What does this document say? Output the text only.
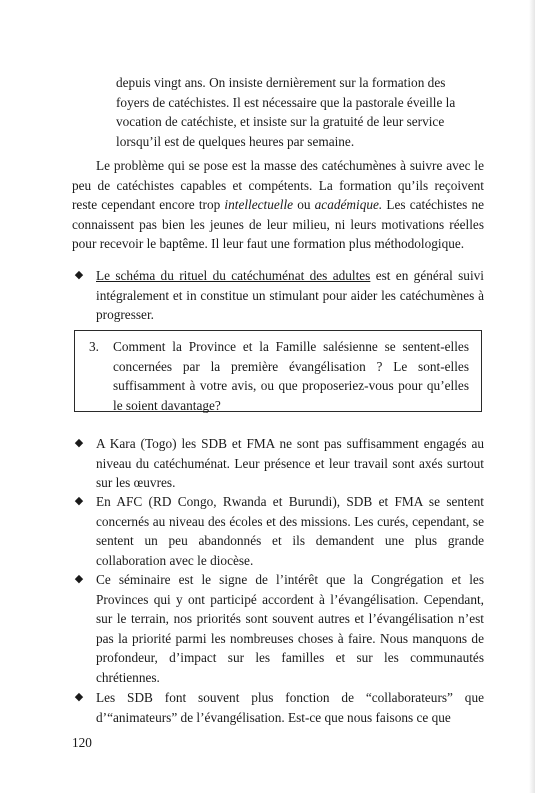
depuis vingt ans. On insiste dernièrement sur la formation des
foyers de catéchistes. Il est nécessaire que la pastorale éveille la
vocation de catéchiste, et insiste sur la gratuité de leur service
lorsqu’il est de quelques heures par semaine.
Le problème qui se pose est la masse des catéchumènes à suivre avec le peu de catéchistes capables et compétents. La formation qu’ils reçoivent reste cependant encore trop intellectuelle ou académique. Les catéchistes ne connaissent pas bien les jeunes de leur milieu, ni leurs motivations réelles pour recevoir le baptême. Il leur faut une formation plus méthodologique.
◆ Le schéma du rituel du catéchuménat des adultes est en général suivi intégralement et in constitue un stimulant pour aider les catéchumènes à progresser.
3.	Comment la Province et la Famille salésienne se sentent-elles concernées par la première évangélisation ? Le sont-elles suffisamment à votre avis, ou que proposeriez-vous pour qu’elles le soient davantage?
◆ A Kara (Togo) les SDB et FMA ne sont pas suffisamment engagés au niveau du catéchuménat. Leur présence et leur travail sont axés surtout sur les œuvres.
◆ En AFC (RD Congo, Rwanda et Burundi), SDB et FMA se sentent concernés au niveau des écoles et des missions. Les curés, cependant, se sentent un peu abandonnés et ils demandent une plus grande collaboration avec le diocèse.
◆ Ce séminaire est le signe de l’intérêt que la Congrégation et les Provinces qui y ont participé accordent à l’évangélisation. Cependant, sur le terrain, nos priorités sont souvent autres et l’évangélisation n’est pas la priorité parmi les nombreuses choses à faire. Nous manquons de profondeur, d’impact sur les familles et sur les communautés chrétiennes.
◆ Les SDB font souvent plus fonction de “collaborateurs” que d’“animateurs” de l’évangélisation. Est-ce que nous faisons ce que
120
